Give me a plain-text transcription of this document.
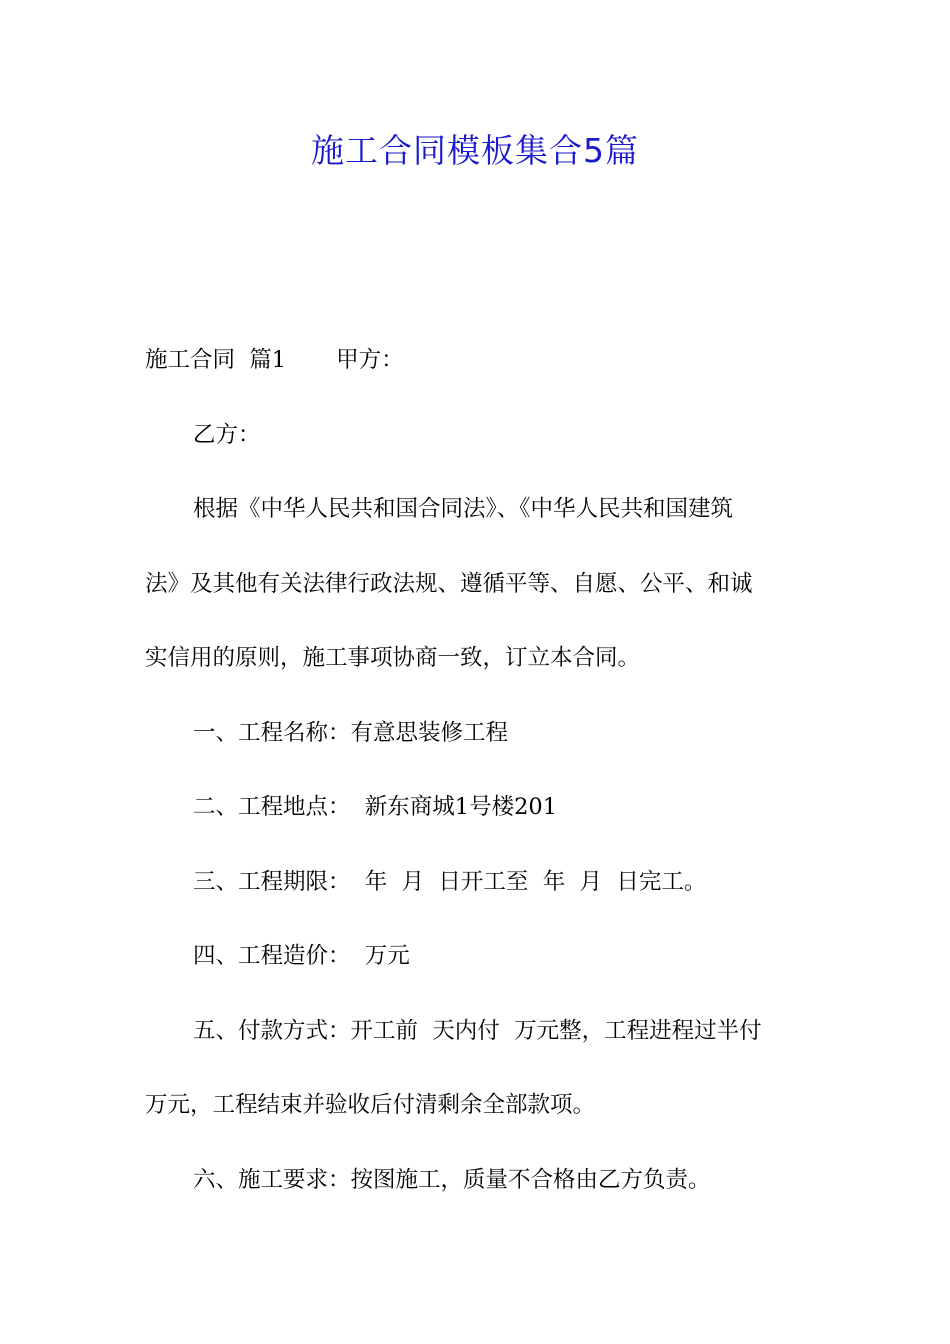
施工合同模板集合5篇

施工合同  篇1 甲方：

乙方：

根据《中华人民共和国合同法》、《中华人民共和国建筑

法》及其他有关法律行政法规、遵循平等、自愿、公平、和诚

实信用的原则，施工事项协商一致，订立本合同。

一、工程名称：有意思装修工程

二、工程地点：  新东商城1号楼201

三、工程期限：  年  月  日开工至  年  月  日完工。

四、工程造价：  万元

五、付款方式：开工前  天内付  万元整，工程进程过半付

万元，工程结束并验收后付清剩余全部款项。

六、施工要求：按图施工，质量不合格由乙方负责。
